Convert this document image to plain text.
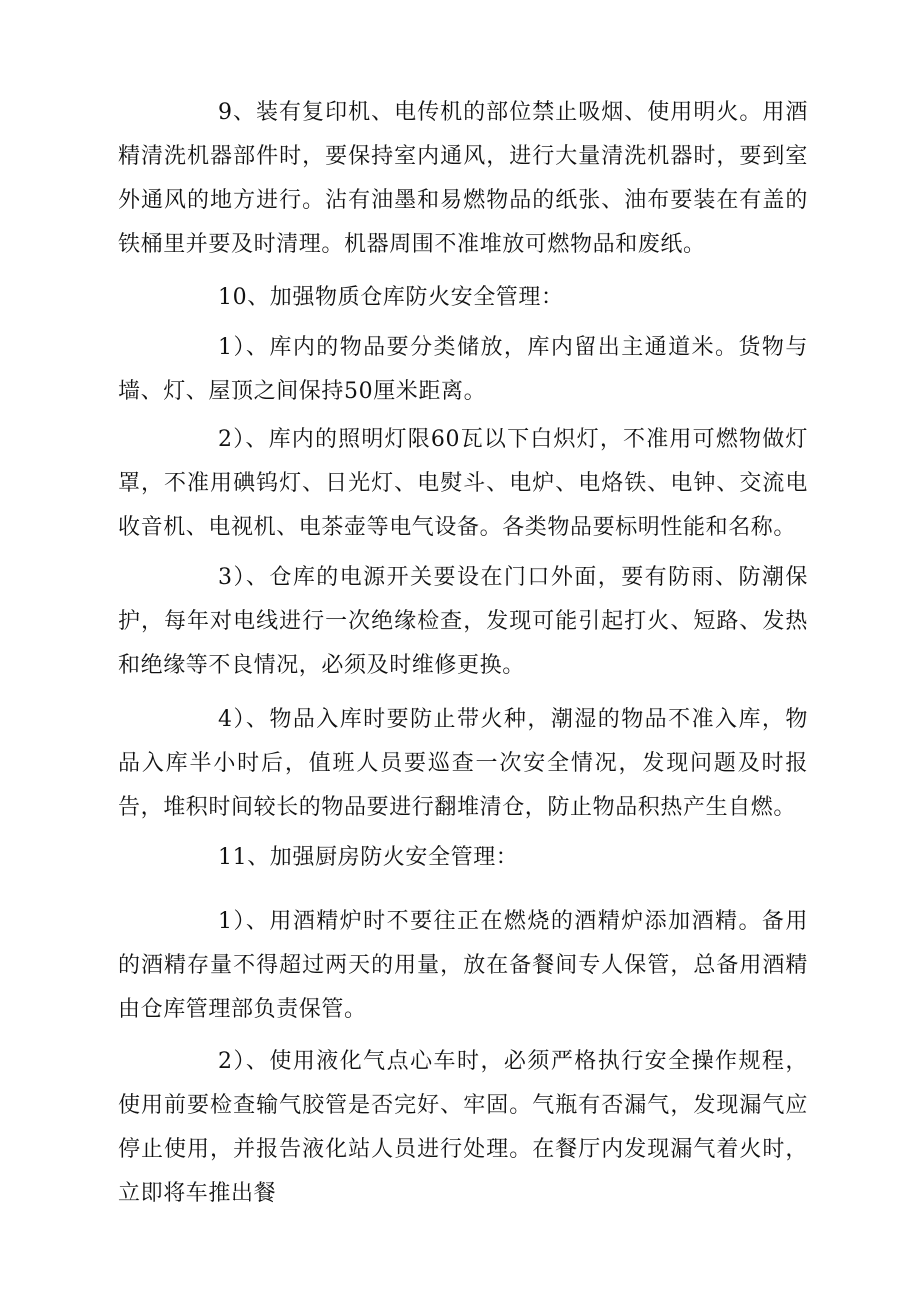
9、装有复印机、电传机的部位禁止吸烟、使用明火。用酒精清洗机器部件时，要保持室内通风，进行大量清洗机器时，要到室外通风的地方进行。沾有油墨和易燃物品的纸张、油布要装在有盖的铁桶里并要及时清理。机器周围不准堆放可燃物品和废纸。

10、加强物质仓库防火安全管理：

1）、库内的物品要分类储放，库内留出主通道米。货物与墙、灯、屋顶之间保持50厘米距离。

2）、库内的照明灯限60瓦以下白炽灯，不准用可燃物做灯罩，不准用碘钨灯、日光灯、电熨斗、电炉、电烙铁、电钟、交流电收音机、电视机、电茶壶等电气设备。各类物品要标明性能和名称。

3）、仓库的电源开关要设在门口外面，要有防雨、防潮保护，每年对电线进行一次绝缘检查，发现可能引起打火、短路、发热和绝缘等不良情况，必须及时维修更换。

4）、物品入库时要防止带火种，潮湿的物品不准入库，物品入库半小时后，值班人员要巡查一次安全情况，发现问题及时报告，堆积时间较长的物品要进行翻堆清仓，防止物品积热产生自燃。

11、加强厨房防火安全管理：

1）、用酒精炉时不要往正在燃烧的酒精炉添加酒精。备用的酒精存量不得超过两天的用量，放在备餐间专人保管，总备用酒精由仓库管理部负责保管。

2）、使用液化气点心车时，必须严格执行安全操作规程，使用前要检查输气胶管是否完好、牢固。气瓶有否漏气，发现漏气应停止使用，并报告液化站人员进行处理。在餐厅内发现漏气着火时，立即将车推出餐
